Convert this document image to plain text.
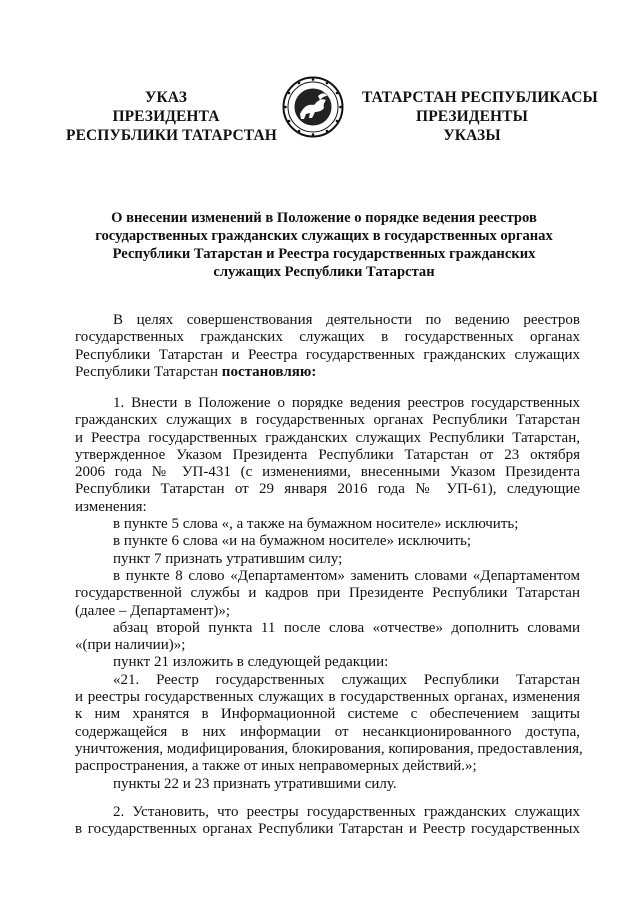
УКАЗ
ПРЕЗИДЕНТА
РЕСПУБЛИКИ ТАТАРСТАН
ТАТАРСТАН РЕСПУБЛИКАСЫ
ПРЕЗИДЕНТЫ
УКАЗЫ
О внесении изменений в Положение о порядке ведения реестров
государственных гражданских служащих в государственных органах
Республики Татарстан и Реестра государственных гражданских
служащих Республики Татарстан
В целях совершенствования деятельности по ведению реестров
государственных гражданских служащих в государственных органах
Республики Татарстан и Реестра государственных гражданских служащих
Республики Татарстан постановляю:
1. Внести в Положение о порядке ведения реестров государственных
гражданских служащих в государственных органах Республики Татарстан
и Реестра государственных гражданских служащих Республики Татарстан,
утвержденное Указом Президента Республики Татарстан от 23 октября
2006 года № УП-431 (с изменениями, внесенными Указом Президента
Республики Татарстан от 29 января 2016 года № УП-61), следующие
изменения:
в пункте 5 слова «, а также на бумажном носителе» исключить;
в пункте 6 слова «и на бумажном носителе» исключить;
пункт 7 признать утратившим силу;
в пункте 8 слово «Департаментом» заменить словами «Департаментом
государственной службы и кадров при Президенте Республики Татарстан
(далее – Департамент)»;
абзац второй пункта 11 после слова «отчестве» дополнить словами
«(при наличии)»;
пункт 21 изложить в следующей редакции:
«21. Реестр государственных служащих Республики Татарстан
и реестры государственных служащих в государственных органах, изменения
к ним хранятся в Информационной системе с обеспечением защиты
содержащейся в них информации от несанкционированного доступа,
уничтожения, модифицирования, блокирования, копирования, предоставления,
распространения, а также от иных неправомерных действий.»;
пункты 22 и 23 признать утратившими силу.
2. Установить, что реестры государственных гражданских служащих
в государственных органах Республики Татарстан и Реестр государственных
